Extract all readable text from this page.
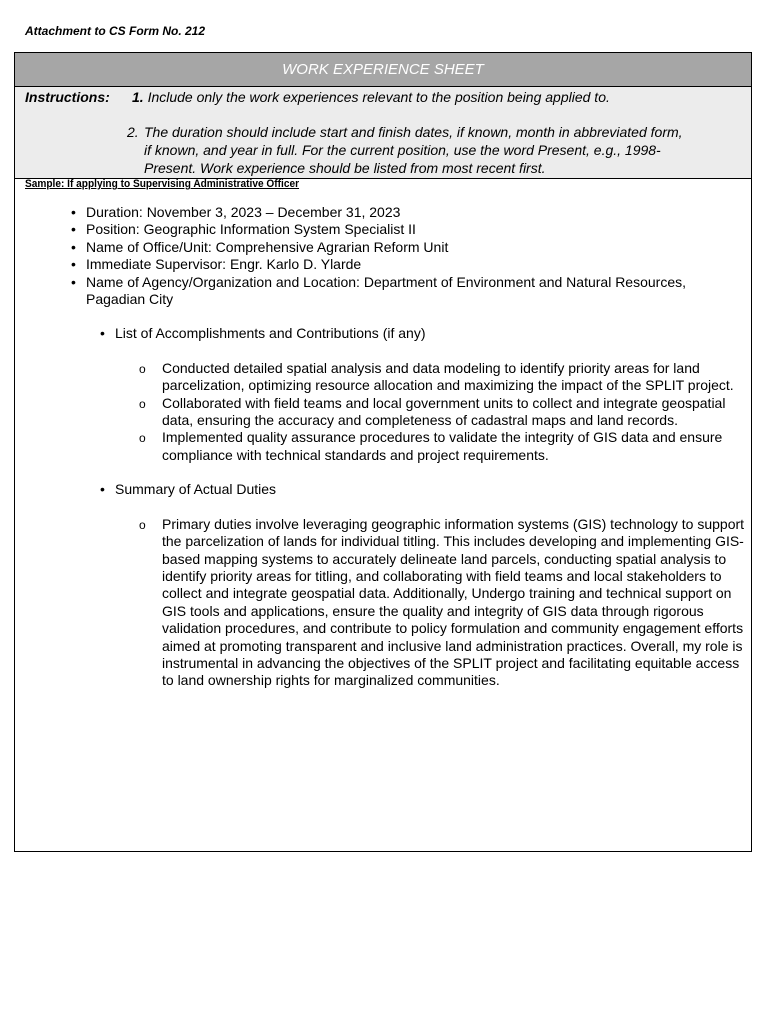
Attachment to CS Form No. 212
WORK EXPERIENCE SHEET
Instructions: 1. Include only the work experiences relevant to the position being applied to.
2. The duration should include start and finish dates, if known, month in abbreviated form,
if known, and year in full. For the current position, use the word Present, e.g., 1998-
Present. Work experience should be listed from most recent first.
Sample: If applying to Supervising Administrative Officer
• Duration: November 3, 2023 – December 31, 2023
• Position: Geographic Information System Specialist II
• Name of Office/Unit: Comprehensive Agrarian Reform Unit
• Immediate Supervisor: Engr. Karlo D. Ylarde
• Name of Agency/Organization and Location: Department of Environment and Natural Resources,
Pagadian City
• List of Accomplishments and Contributions (if any)
o Conducted detailed spatial analysis and data modeling to identify priority areas for land parcelization, optimizing resource allocation and maximizing the impact of the SPLIT project.
o Collaborated with field teams and local government units to collect and integrate geospatial data, ensuring the accuracy and completeness of cadastral maps and land records.
o Implemented quality assurance procedures to validate the integrity of GIS data and ensure compliance with technical standards and project requirements.
• Summary of Actual Duties
o Primary duties involve leveraging geographic information systems (GIS) technology to support the parcelization of lands for individual titling. This includes developing and implementing GIS-based mapping systems to accurately delineate land parcels, conducting spatial analysis to identify priority areas for titling, and collaborating with field teams and local stakeholders to collect and integrate geospatial data. Additionally, Undergo training and technical support on GIS tools and applications, ensure the quality and integrity of GIS data through rigorous validation procedures, and contribute to policy formulation and community engagement efforts aimed at promoting transparent and inclusive land administration practices. Overall, my role is instrumental in advancing the objectives of the SPLIT project and facilitating equitable access to land ownership rights for marginalized communities.
